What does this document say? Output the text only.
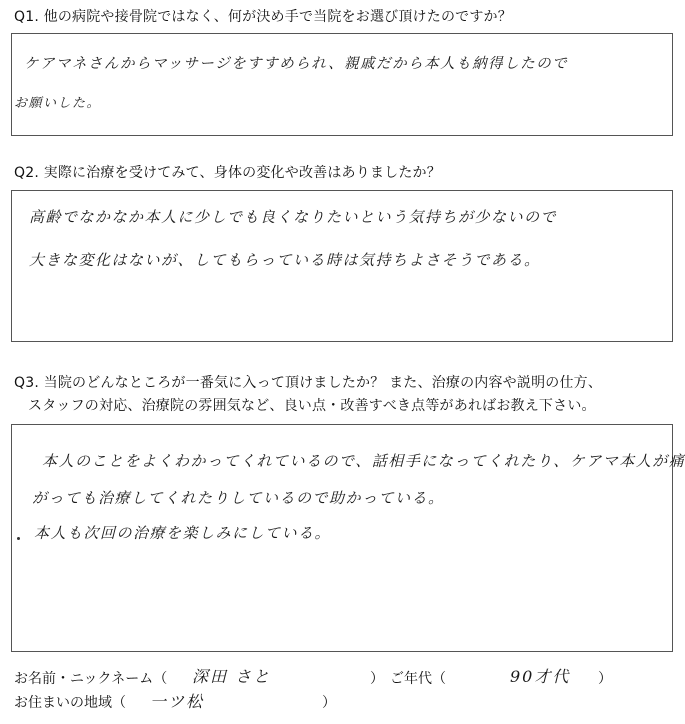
Q1. 他の病院や接骨院ではなく、何が決め手で当院をお選び頂けたのですか？
ケアマネさんからマッサージをすすめられ、親戚だから本人も納得したので
お願いした。
Q2. 実際に治療を受けてみて、身体の変化や改善はありましたか？
高齢でなかなか本人に少しでも良くなりたいという気持ちが少ないので
大きな変化はないが、してもらっている時は気持ちよさそうである。
Q3. 当院のどんなところが一番気に入って頂けましたか？ また、治療の内容や説明の仕方、
スタッフの対応、治療院の雰囲気など、良い点・改善すべき点等があればお教え下さい。
本人のことをよくわかってくれているので、話相手になってくれたり、ケアマ本人が痛
がっても治療してくれたりしているので助かっている。
本人も次回の治療を楽しみにしている。
お名前・ニックネーム（ 深田 さと	） ご年代（	90才代 ）
お住まいの地域（ 一ツ松	）
